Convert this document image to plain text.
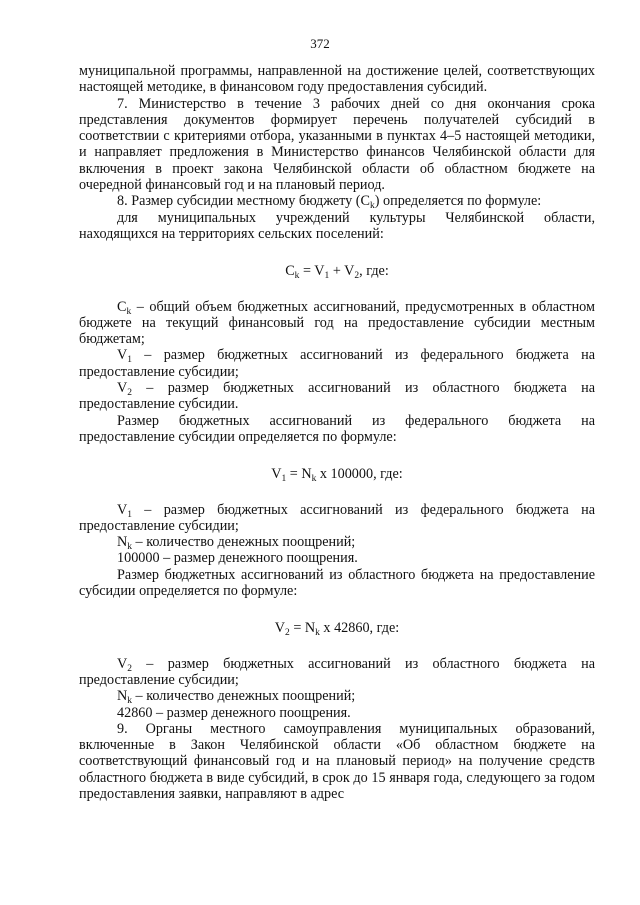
372

муниципальной программы, направленной на достижение целей, соответствующих настоящей методике, в финансовом году предоставления субсидий.

7. Министерство в течение 3 рабочих дней со дня окончания срока представления документов формирует перечень получателей субсидий в соответствии с критериями отбора, указанными в пунктах 4–5 настоящей методики, и направляет предложения в Министерство финансов Челябинской области для включения в проект закона Челябинской области об областном бюджете на очередной финансовый год и на плановый период.

8. Размер субсидии местному бюджету $(С_k)$ определяется по формуле:

для муниципальных учреждений культуры Челябинской области, находящихся на территориях сельских поселений:

$С_k = V_1 + V_2$, где:

$С_k$ – общий объем бюджетных ассигнований, предусмотренных в областном бюджете на текущий финансовый год на предоставление субсидии местным бюджетам;

$V_1$ – размер бюджетных ассигнований из федерального бюджета на предоставление субсидии;

$V_2$ – размер бюджетных ассигнований из областного бюджета на предоставление субсидии.

Размер бюджетных ассигнований из федерального бюджета на предоставление субсидии определяется по формуле:

$V_1 = N_k$ х 100000, где:

$V_1$ – размер бюджетных ассигнований из федерального бюджета на предоставление субсидии;

$N_k$ – количество денежных поощрений;

100000 – размер денежного поощрения.

Размер бюджетных ассигнований из областного бюджета на предоставление субсидии определяется по формуле:

$V_2 = N_k$ х 42860, где:

$V_2$ – размер бюджетных ассигнований из областного бюджета на предоставление субсидии;

$N_k$ – количество денежных поощрений;

42860 – размер денежного поощрения.

9. Органы местного самоуправления муниципальных образований, включенные в Закон Челябинской области «Об областном бюджете на соответствующий финансовый год и на плановый период» на получение средств областного бюджета в виде субсидий, в срок до 15 января года, следующего за годом предоставления заявки, направляют в адрес
